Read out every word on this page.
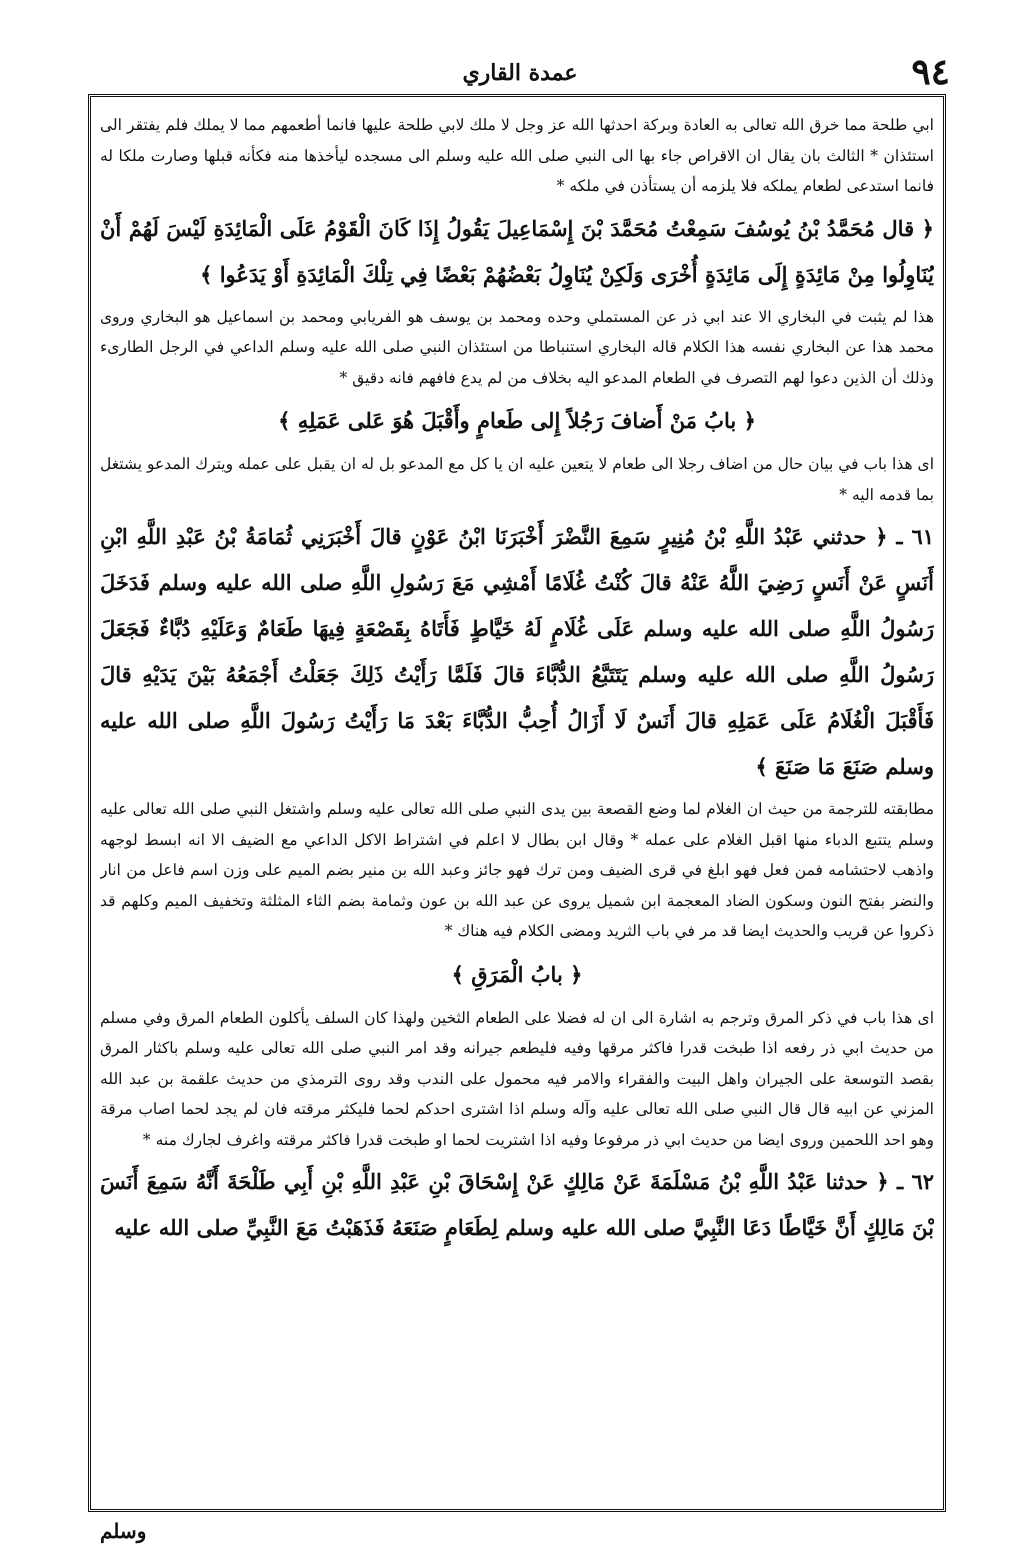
٩٤
عمدة القاري

ابي طلحة مما خرق الله تعالى به العادة وبركة احدثها الله عز وجل لا ملك لابي طلحة عليها فانما أطعمهم مما لا يملك فلم يفتقر الى استئذان * الثالث بان يقال ان الاقراص جاء بها الى النبي صلى الله عليه وسلم الى مسجده ليأخذها منه فكأنه قبلها وصارت ملكا له فانما استدعى لطعام يملكه فلا يلزمه أن يستأذن في ملكه *

﴿ قال مُحَمَّدُ بْنُ يُوسُفَ سَمِعْتُ مُحَمَّدَ بْنَ إِسْمَاعِيلَ يَقُولُ إِذَا كَانَ الْقَوْمُ عَلَى الْمَائِدَةِ لَيْسَ لَهُمْ أَنْ يُنَاوِلُوا مِنْ مَائِدَةٍ إِلَى مَائِدَةٍ أُخْرَى وَلَكِنْ يُنَاوِلُ بَعْضُهُمْ بَعْضًا فِي تِلْكَ الْمَائِدَةِ أَوْ يَدَعُوا ﴾

هذا لم يثبت في البخاري الا عند ابي ذر عن المستملي وحده ومحمد بن يوسف هو الفريابي ومحمد بن اسماعيل هو البخاري وروى محمد هذا عن البخاري نفسه هذا الكلام قاله البخاري استنباطا من استئذان النبي صلى الله عليه وسلم الداعي في الرجل الطارىء وذلك أن الذين دعوا لهم التصرف في الطعام المدعو اليه بخلاف من لم يدع فافهم فانه دقيق *

﴿ بابُ مَنْ أَضافَ رَجُلاً إِلى طَعامٍ وأَقْبَلَ هُوَ عَلى عَمَلِهِ ﴾

اى هذا باب في بيان حال من اضاف رجلا الى طعام لا يتعين عليه ان يا كل مع المدعو بل له ان يقبل على عمله ويترك المدعو يشتغل بما قدمه اليه *

٦١ ـ ﴿ حدثني عَبْدُ اللَّهِ بْنُ مُنِيرٍ سَمِعَ النَّضْرَ أَخْبَرَنَا ابْنُ عَوْنٍ قالَ أَخْبَرَنِي ثُمَامَةُ بْنُ عَبْدِ اللَّهِ ابْنِ أَنَسٍ عَنْ أَنَسٍ رَضِيَ اللَّهُ عَنْهُ قالَ كُنْتُ غُلَامًا أَمْشِي مَعَ رَسُولِ اللَّهِ صلى الله عليه وسلم فَدَخَلَ رَسُولُ اللَّهِ صلى الله عليه وسلم عَلَى غُلَامٍ لَهُ خَيَّاطٍ فَأَتَاهُ بِقَصْعَةٍ فِيهَا طَعَامٌ وَعَلَيْهِ دُبَّاءٌ فَجَعَلَ رَسُولُ اللَّهِ صلى الله عليه وسلم يَتَتَبَّعُ الدُّبَّاءَ قالَ فَلَمَّا رَأَيْتُ ذَلِكَ جَعَلْتُ أَجْمَعُهُ بَيْنَ يَدَيْهِ قالَ فَأَقْبَلَ الْغُلَامُ عَلَى عَمَلِهِ قالَ أَنَسٌ لَا أَزَالُ أُحِبُّ الدُّبَّاءَ بَعْدَ مَا رَأَيْتُ رَسُولَ اللَّهِ صلى الله عليه وسلم صَنَعَ مَا صَنَعَ ﴾

مطابقته للترجمة من حيث ان الغلام لما وضع القصعة بين يدى النبي صلى الله تعالى عليه وسلم واشتغل النبي صلى الله تعالى عليه وسلم يتتبع الدباء منها اقبل الغلام على عمله * وقال ابن بطال لا اعلم في اشتراط الاكل الداعي مع الضيف الا انه ابسط لوجهه واذهب لاحتشامه فمن فعل فهو ابلغ في قرى الضيف ومن ترك فهو جائز وعبد الله بن منير بضم الميم على وزن اسم فاعل من انار والنضر بفتح النون وسكون الضاد المعجمة ابن شميل يروى عن عبد الله بن عون وثمامة بضم الثاء المثلثة وتخفيف الميم وكلهم قد ذكروا عن قريب والحديث ايضا قد مر في باب الثريد ومضى الكلام فيه هناك *

﴿ بابُ الْمَرَقِ ﴾

اى هذا باب في ذكر المرق وترجم به اشارة الى ان له فضلا على الطعام الثخين ولهذا كان السلف يأكلون الطعام المرق وفي مسلم من حديث ابي ذر رفعه اذا طبخت قدرا فاكثر مرقها وفيه فليطعم جيرانه وقد امر النبي صلى الله تعالى عليه وسلم باكثار المرق بقصد التوسعة على الجيران واهل البيت والفقراء والامر فيه محمول على الندب وقد روى الترمذي من حديث علقمة بن عبد الله المزني عن ابيه قال قال النبي صلى الله تعالى عليه وآله وسلم اذا اشترى احدكم لحما فليكثر مرقته فان لم يجد لحما اصاب مرقة وهو احد اللحمين وروى ايضا من حديث ابي ذر مرفوعا وفيه اذا اشتريت لحما او طبخت قدرا فاكثر مرقته واغرف لجارك منه *

٦٢ ـ ﴿ حدثنا عَبْدُ اللَّهِ بْنُ مَسْلَمَةَ عَنْ مَالِكٍ عَنْ إِسْحَاقَ بْنِ عَبْدِ اللَّهِ بْنِ أَبِي طَلْحَةَ أَنَّهُ سَمِعَ أَنَسَ بْنَ مَالِكٍ أَنَّ خَيَّاطًا دَعَا النَّبِيَّ صلى الله عليه وسلم لِطَعَامٍ صَنَعَهُ فَذَهَبْتُ مَعَ النَّبِيِّ صلى الله عليه

وسلم
